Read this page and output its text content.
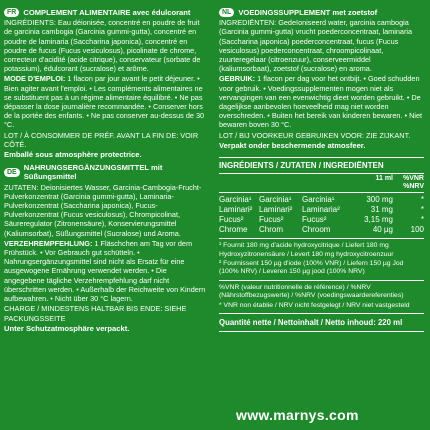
FR COMPLEMENT ALIMENTAIRE avec édulcorant

INGRÉDIENTS: Eau déionisée, concentré en poudre de fruit de garcinia cambogia (Garcinia gummi-gutta), concentré en poudre de laminaria (Saccharina japonica), concentré en poudre de fucus (Fucus vesiculosus), picolinate de chrome, correcteur d'acidité (acide citrique), conservateur (sorbate de potassium), édulcorant (sucralose) et arôme.

MODE D'EMPLOI: 1 flacon par jour avant le petit déjeuner. • Bien agiter avant l'emploi. • Les compléments alimentaires ne se substituent pas à un régime alimentaire équilibré. • Ne pas dépasser la dose journalière recommandée. • Conserver hors de la portée des enfants. • Ne pas conserver au-dessus de 30 °C.

LOT / À CONSOMMER DE PRÉF. AVANT LA FIN DE: VOIR CÔTÉ.

Emballé sous atmosphère protectrice.

DE
NAHRUNGSERGÄNZUNGSMITTEL mit Süßungsmittel

ZUTATEN: Deionisiertes Wasser, Garcinia-Cambogia-Frucht-Pulverkonzentrat (Garcinia gummi-gutta), Laminaria-Pulverkonzentrat (Saccharina japonica), Fucus-Pulverkonzentrat (Fucus vesiculosus), Chrompicolinat, Säureregulator (Zitronensäure), Konservierungsmittel (Kaliumsorbat), Süßungsmittel (Sucralose) und Aroma.

VERZEHREMPFEHLUNG: 1 Fläschchen am Tag vor dem Frühstück. • Vor Gebrauch gut schütteln. • Nahrungsergänzungsmittel sind nicht als Ersatz für eine ausgewogene Ernährung verwendet werden. • Die angegebene tägliche Verzehrempfehlung darf nicht überschritten werden. • Außerhalb der Reichweite von Kindern aufbewahren. • Nicht über 30 °C lagern.

CHARGE / MINDESTENS HALTBAR BIS ENDE: SIEHE PACKUNGSSEITE

Unter Schutzatmosphäre verpackt.

NL VOEDINGSSUPPLEMENT met zoetstof

INGREDIËNTEN: Gedeïoniseerd water, garcinia cambogia (Garcinia gummi-gutta) vrucht poederconcentraat, laminaria (Saccharina japonica) poederconcentraat, fucus (Fucus vesiculosus) poederconcentraat, chroompicolinaat, zuurteregelaar (citroenzuur), conserveermiddel (kaliumsorbaat), zoetstof (sucralose) en aroma.

GEBRUIK: 1 flacon per dag voor het ontbijt. • Goed schudden voor gebruik. • Voedingssupplementen mogen niet als vervangingen van een evenwichtig dieet worden gebruikt. • De dagelijkse aanbevolen hoeveelheid mag niet worden overschreden. • Buiten het bereik van kinderen bewaren. • Niet bewaren boven 30 °C.

LOT / BIJ VOORKEUR GEBRUIKEN VOOR: ZIE ZIJKANT.

Verpakt onder beschermende atmosfeer.

INGRÉDIENTS / ZUTATEN / INGREDIËNTEN
11 ml %VNR
%NRV
Garcinia¹ Garcinia¹	Garcinia¹	300 mg	*
Laminari² Laminari²	Laminaria²	31 mg	*
Fucus²	Fucus²	Fucus²	3,15 mg	*
Chrome	Chrom	Chroom	40 µg	100

¹ Fournit 180 mg d'acide hydroxycitrique / Liefert 180 mg Hydroxyzitronensäure / Levert 180 mg hydroxycitroenzuur

² Fournissent 150 µg d'iode (100% VNR) / Liefern 150 µg Jod (100% NRV) / Leveren 150 µg jood (100% NRV)

%VNR (valeur nutritionnelle de référence) / %NRV (Nährstoffbezugswerte) / %NRV (voedingswaardereferenties)

* VNR non établie / NRV nicht festgelegt / NRV niet vastgesteld

Quantité nette / Nettoinhalt / Netto inhoud: 220 ml
www.marnys.com
